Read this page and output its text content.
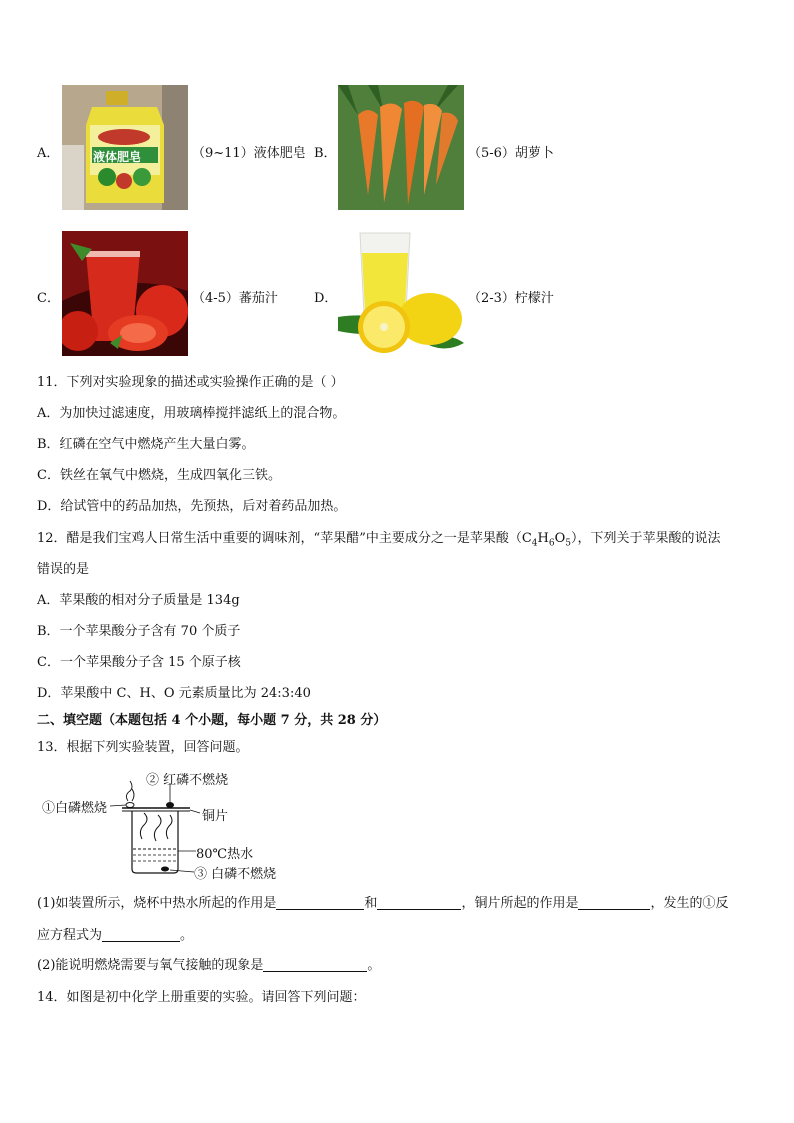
A．	液体肥皂	（9~11）液体肥皂 B．	（5-6）胡萝卜
C．	（4-5）蕃茄汁	D．	（2-3）柠檬汁
11．下列对实验现象的描述或实验操作正确的是（ ）
A．为加快过滤速度，用玻璃棒搅拌滤纸上的混合物。
B．红磷在空气中燃烧产生大量白雾。
C．铁丝在氧气中燃烧，生成四氧化三铁。
D．给试管中的药品加热，先预热，后对着药品加热。
12．醋是我们宝鸡人日常生活中重要的调味剂，“苹果醋”中主要成分之一是苹果酸$(C_4H_6O_5)$，下列关于苹果酸的说法
错误的是
A．苹果酸的相对分子质量是 134g
B．一个苹果酸分子含有 70 个质子
C．一个苹果酸分子含 15 个原子核
D．苹果酸中 C、H、O 元素质量比为 24:3:40
二、填空题（本题包括 4 个小题，每小题 7 分，共 28 分）
13．根据下列实验装置，回答问题。
①白磷燃烧
② 红磷不燃烧
铜片
80℃热水
③ 白磷不燃烧
(1)如装置所示，烧杯中热水所起的作用是	和	，铜片所起的作用是	，发生的①反
应方程式为	。
(2)能说明燃烧需要与氧气接触的现象是	。
14．如图是初中化学上册重要的实验。请回答下列问题：
